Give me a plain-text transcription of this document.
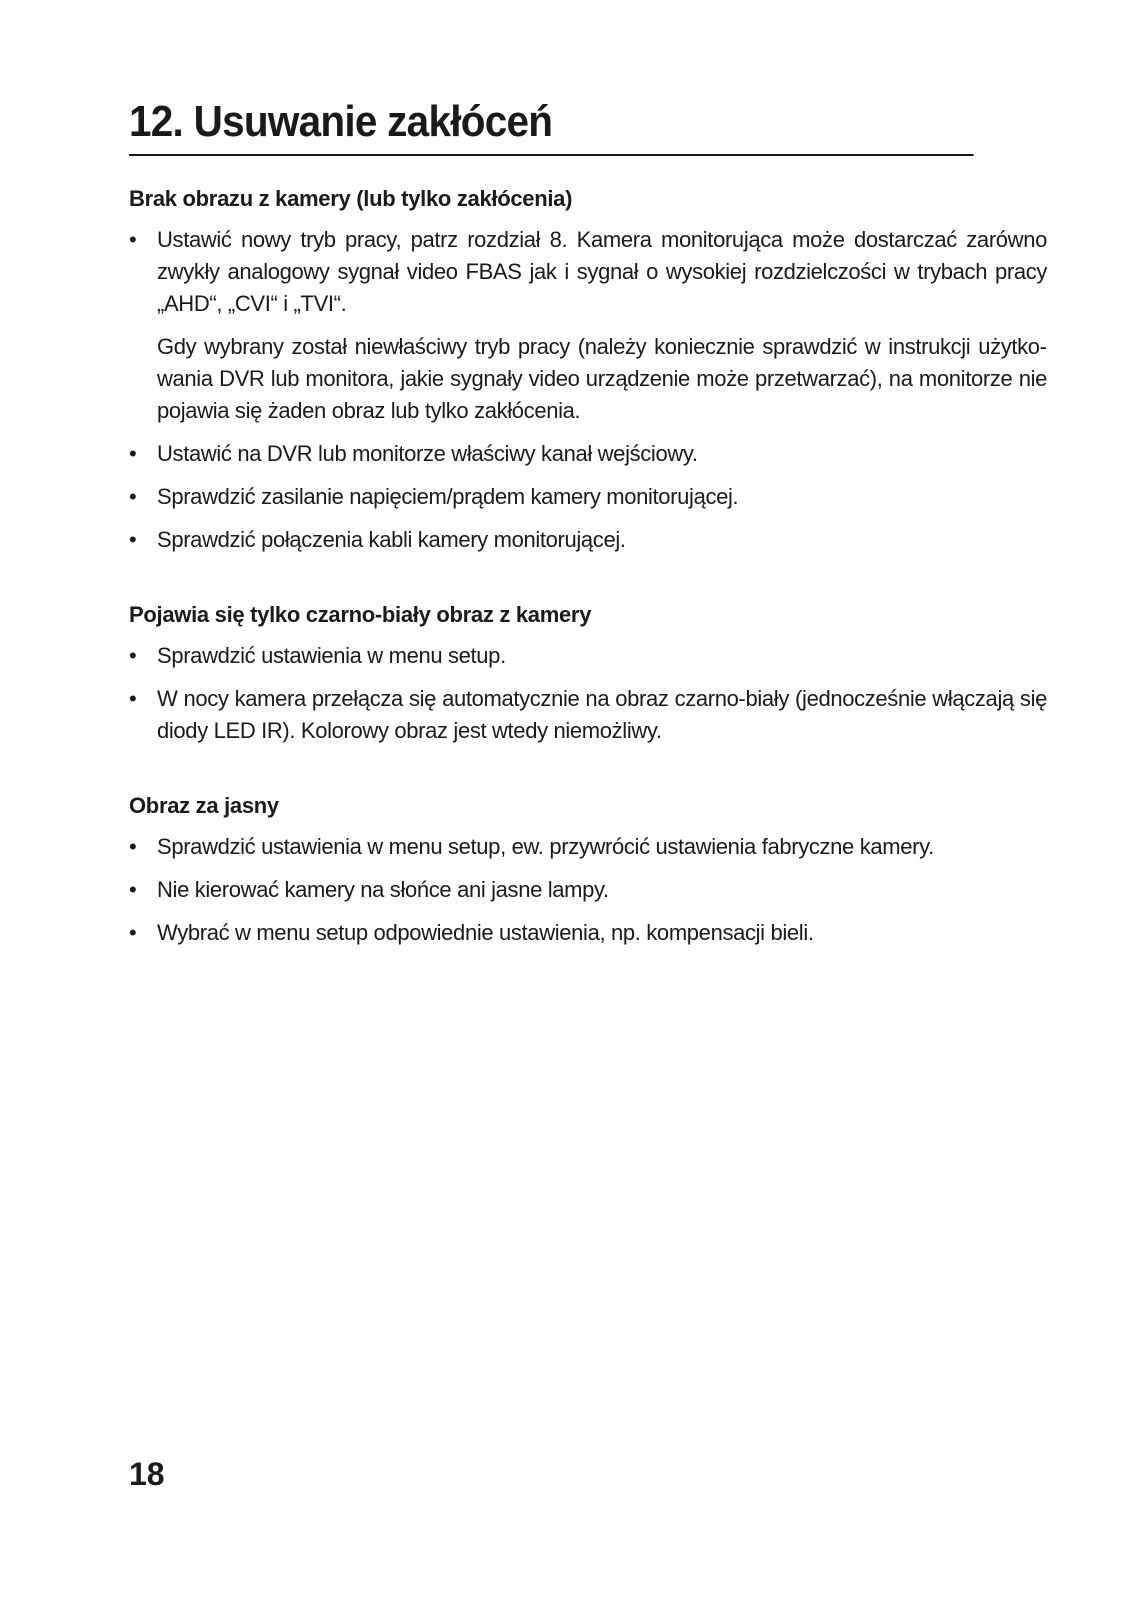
12. Usuwanie zakłóceń
Brak obrazu z kamery (lub tylko zakłócenia)
• Ustawić nowy tryb pracy, patrz rozdział 8. Kamera monitorująca może dostarczać zarówno zwykły analogowy sygnał video FBAS jak i sygnał o wysokiej rozdzielczości w trybach pracy „AHD“, „CVI“ i „TVI“.
Gdy wybrany został niewłaściwy tryb pracy (należy koniecznie sprawdzić w instrukcji użytkowania DVR lub monitora, jakie sygnały video urządzenie może przetwarzać), na monitorze nie pojawia się żaden obraz lub tylko zakłócenia.
• Ustawić na DVR lub monitorze właściwy kanał wejściowy.
• Sprawdzić zasilanie napięciem/prądem kamery monitorującej.
• Sprawdzić połączenia kabli kamery monitorującej.
Pojawia się tylko czarno-biały obraz z kamery
• Sprawdzić ustawienia w menu setup.
• W nocy kamera przełącza się automatycznie na obraz czarno-biały (jednocześnie włączają się diody LED IR). Kolorowy obraz jest wtedy niemożliwy.
Obraz za jasny
• Sprawdzić ustawienia w menu setup, ew. przywrócić ustawienia fabryczne kamery.
• Nie kierować kamery na słońce ani jasne lampy.
• Wybrać w menu setup odpowiednie ustawienia, np. kompensacji bieli.

18
